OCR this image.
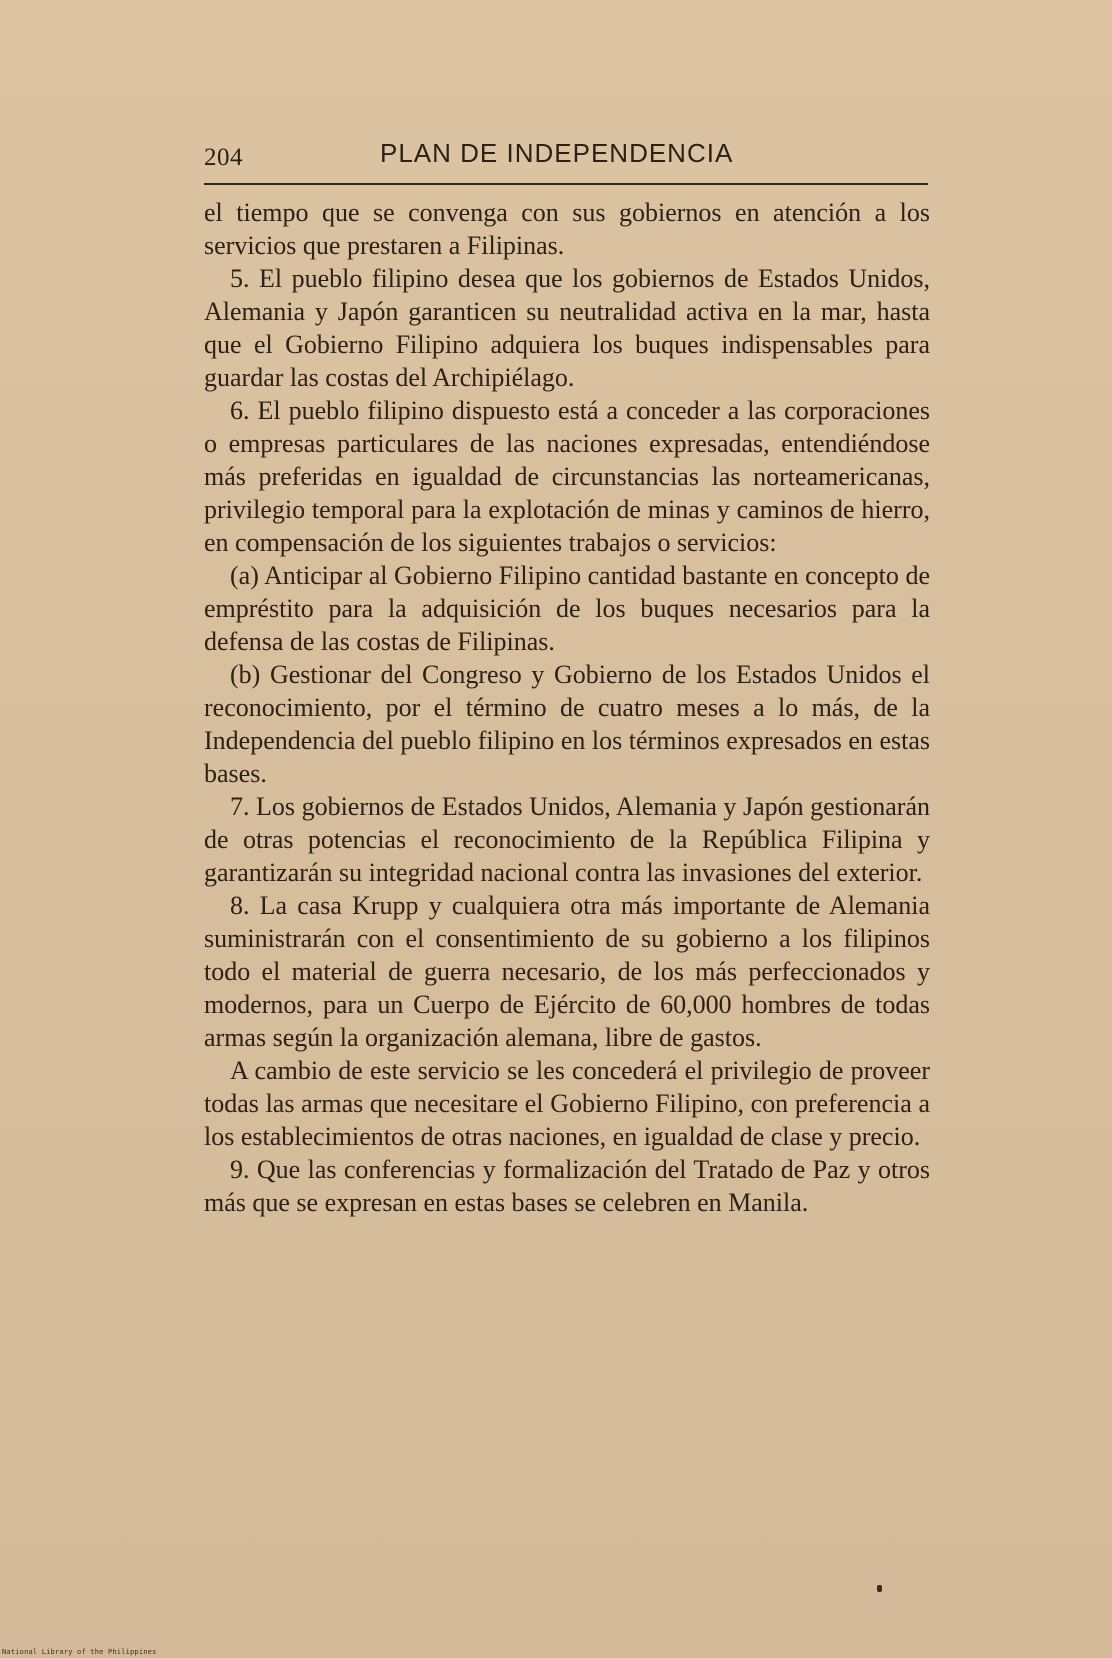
204	PLAN DE INDEPENDENCIA

el tiempo que se convenga con sus gobiernos en atención a los servicios que prestaren a Filipinas.

5. El pueblo filipino desea que los gobiernos de Estados Unidos, Alemania y Japón garanticen su neutralidad activa en la mar, hasta que el Gobierno Filipino adquiera los buques indispensables para guardar las costas del Archipiélago.

6. El pueblo filipino dispuesto está a conceder a las corporaciones o empresas particulares de las naciones expresadas, entendiéndose más preferidas en igualdad de circunstancias las norteamericanas, privilegio temporal para la explotación de minas y caminos de hierro, en compensación de los siguientes trabajos o servicios:

(a) Anticipar al Gobierno Filipino cantidad bastante en concepto de empréstito para la adquisición de los buques necesarios para la defensa de las costas de Filipinas.

(b) Gestionar del Congreso y Gobierno de los Estados Unidos el reconocimiento, por el término de cuatro meses a lo más, de la Independencia del pueblo filipino en los términos expresados en estas bases.

7. Los gobiernos de Estados Unidos, Alemania y Japón gestionarán de otras potencias el reconocimiento de la República Filipina y garantizarán su integridad nacional contra las invasiones del exterior.

8. La casa Krupp y cualquiera otra más importante de Alemania suministrarán con el consentimiento de su gobierno a los filipinos todo el material de guerra necesario, de los más perfeccionados y modernos, para un Cuerpo de Ejército de 60,000 hombres de todas armas según la organización alemana, libre de gastos.

A cambio de este servicio se les concederá el privilegio de proveer todas las armas que necesitare el Gobierno Filipino, con preferencia a los establecimientos de otras naciones, en igualdad de clase y precio.

9. Que las conferencias y formalización del Tratado de Paz y otros más que se expresan en estas bases se celebren en Manila.

National Library of the Philippines
